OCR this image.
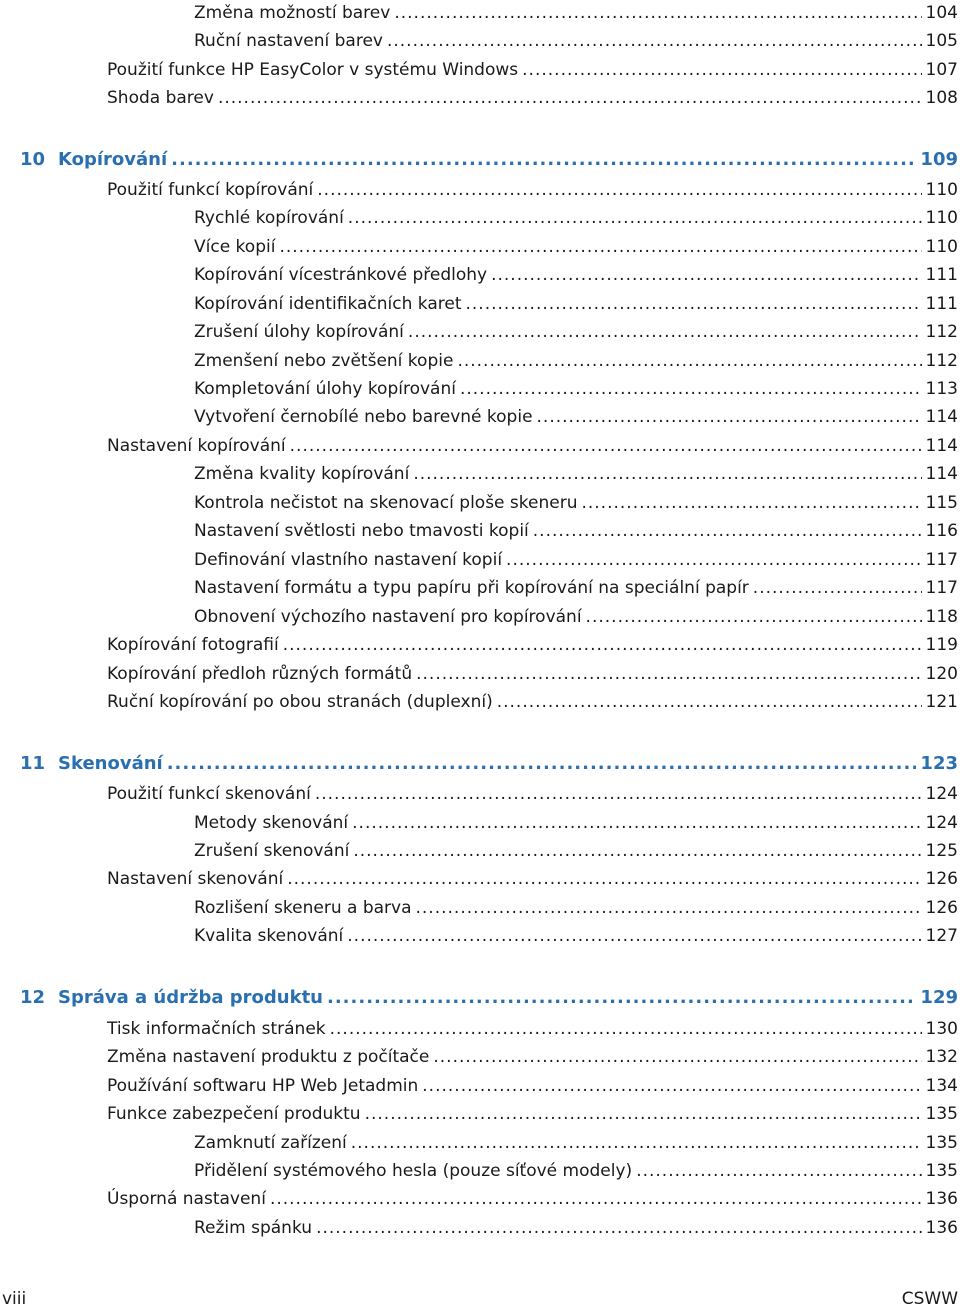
Změna možností barev .....	104
Ruční nastavení barev .....	105
Použití funkce HP EasyColor v systému Windows .....	107
Shoda barev .....	108
10 Kopírování .....	109
Použití funkcí kopírování .....	110
Rychlé kopírování .....	110
Více kopií .....	110
Kopírování vícestránkové předlohy .....	111
Kopírování identifikačních karet .....	111
Zrušení úlohy kopírování .....	112
Zmenšení nebo zvětšení kopie .....	112
Kompletování úlohy kopírování .....	113
Vytvoření černobílé nebo barevné kopie .....	114
Nastavení kopírování .....	114
Změna kvality kopírování .....	114
Kontrola nečistot na skenovací ploše skeneru .....	115
Nastavení světlosti nebo tmavosti kopií .....	116
Definování vlastního nastavení kopií .....	117
Nastavení formátu a typu papíru při kopírování na speciální papír .....	117
Obnovení výchozího nastavení pro kopírování .....	118
Kopírování fotografií .....	119
Kopírování předloh různých formátů .....	120
Ruční kopírování po obou stranách (duplexní) .....	121
11 Skenování .....	123
Použití funkcí skenování .....	124
Metody skenování .....	124
Zrušení skenování .....	125
Nastavení skenování .....	126
Rozlišení skeneru a barva .....	126
Kvalita skenování .....	127
12 Správa a údržba produktu .....	129
Tisk informačních stránek .....	130
Změna nastavení produktu z počítače .....	132
Používání softwaru HP Web Jetadmin .....	134
Funkce zabezpečení produktu .....	135
Zamknutí zařízení .....	135
Přidělení systémového hesla (pouze síťové modely) .....	135
Úsporná nastavení .....	136
Režim spánku .....	136
viii	CSWW
